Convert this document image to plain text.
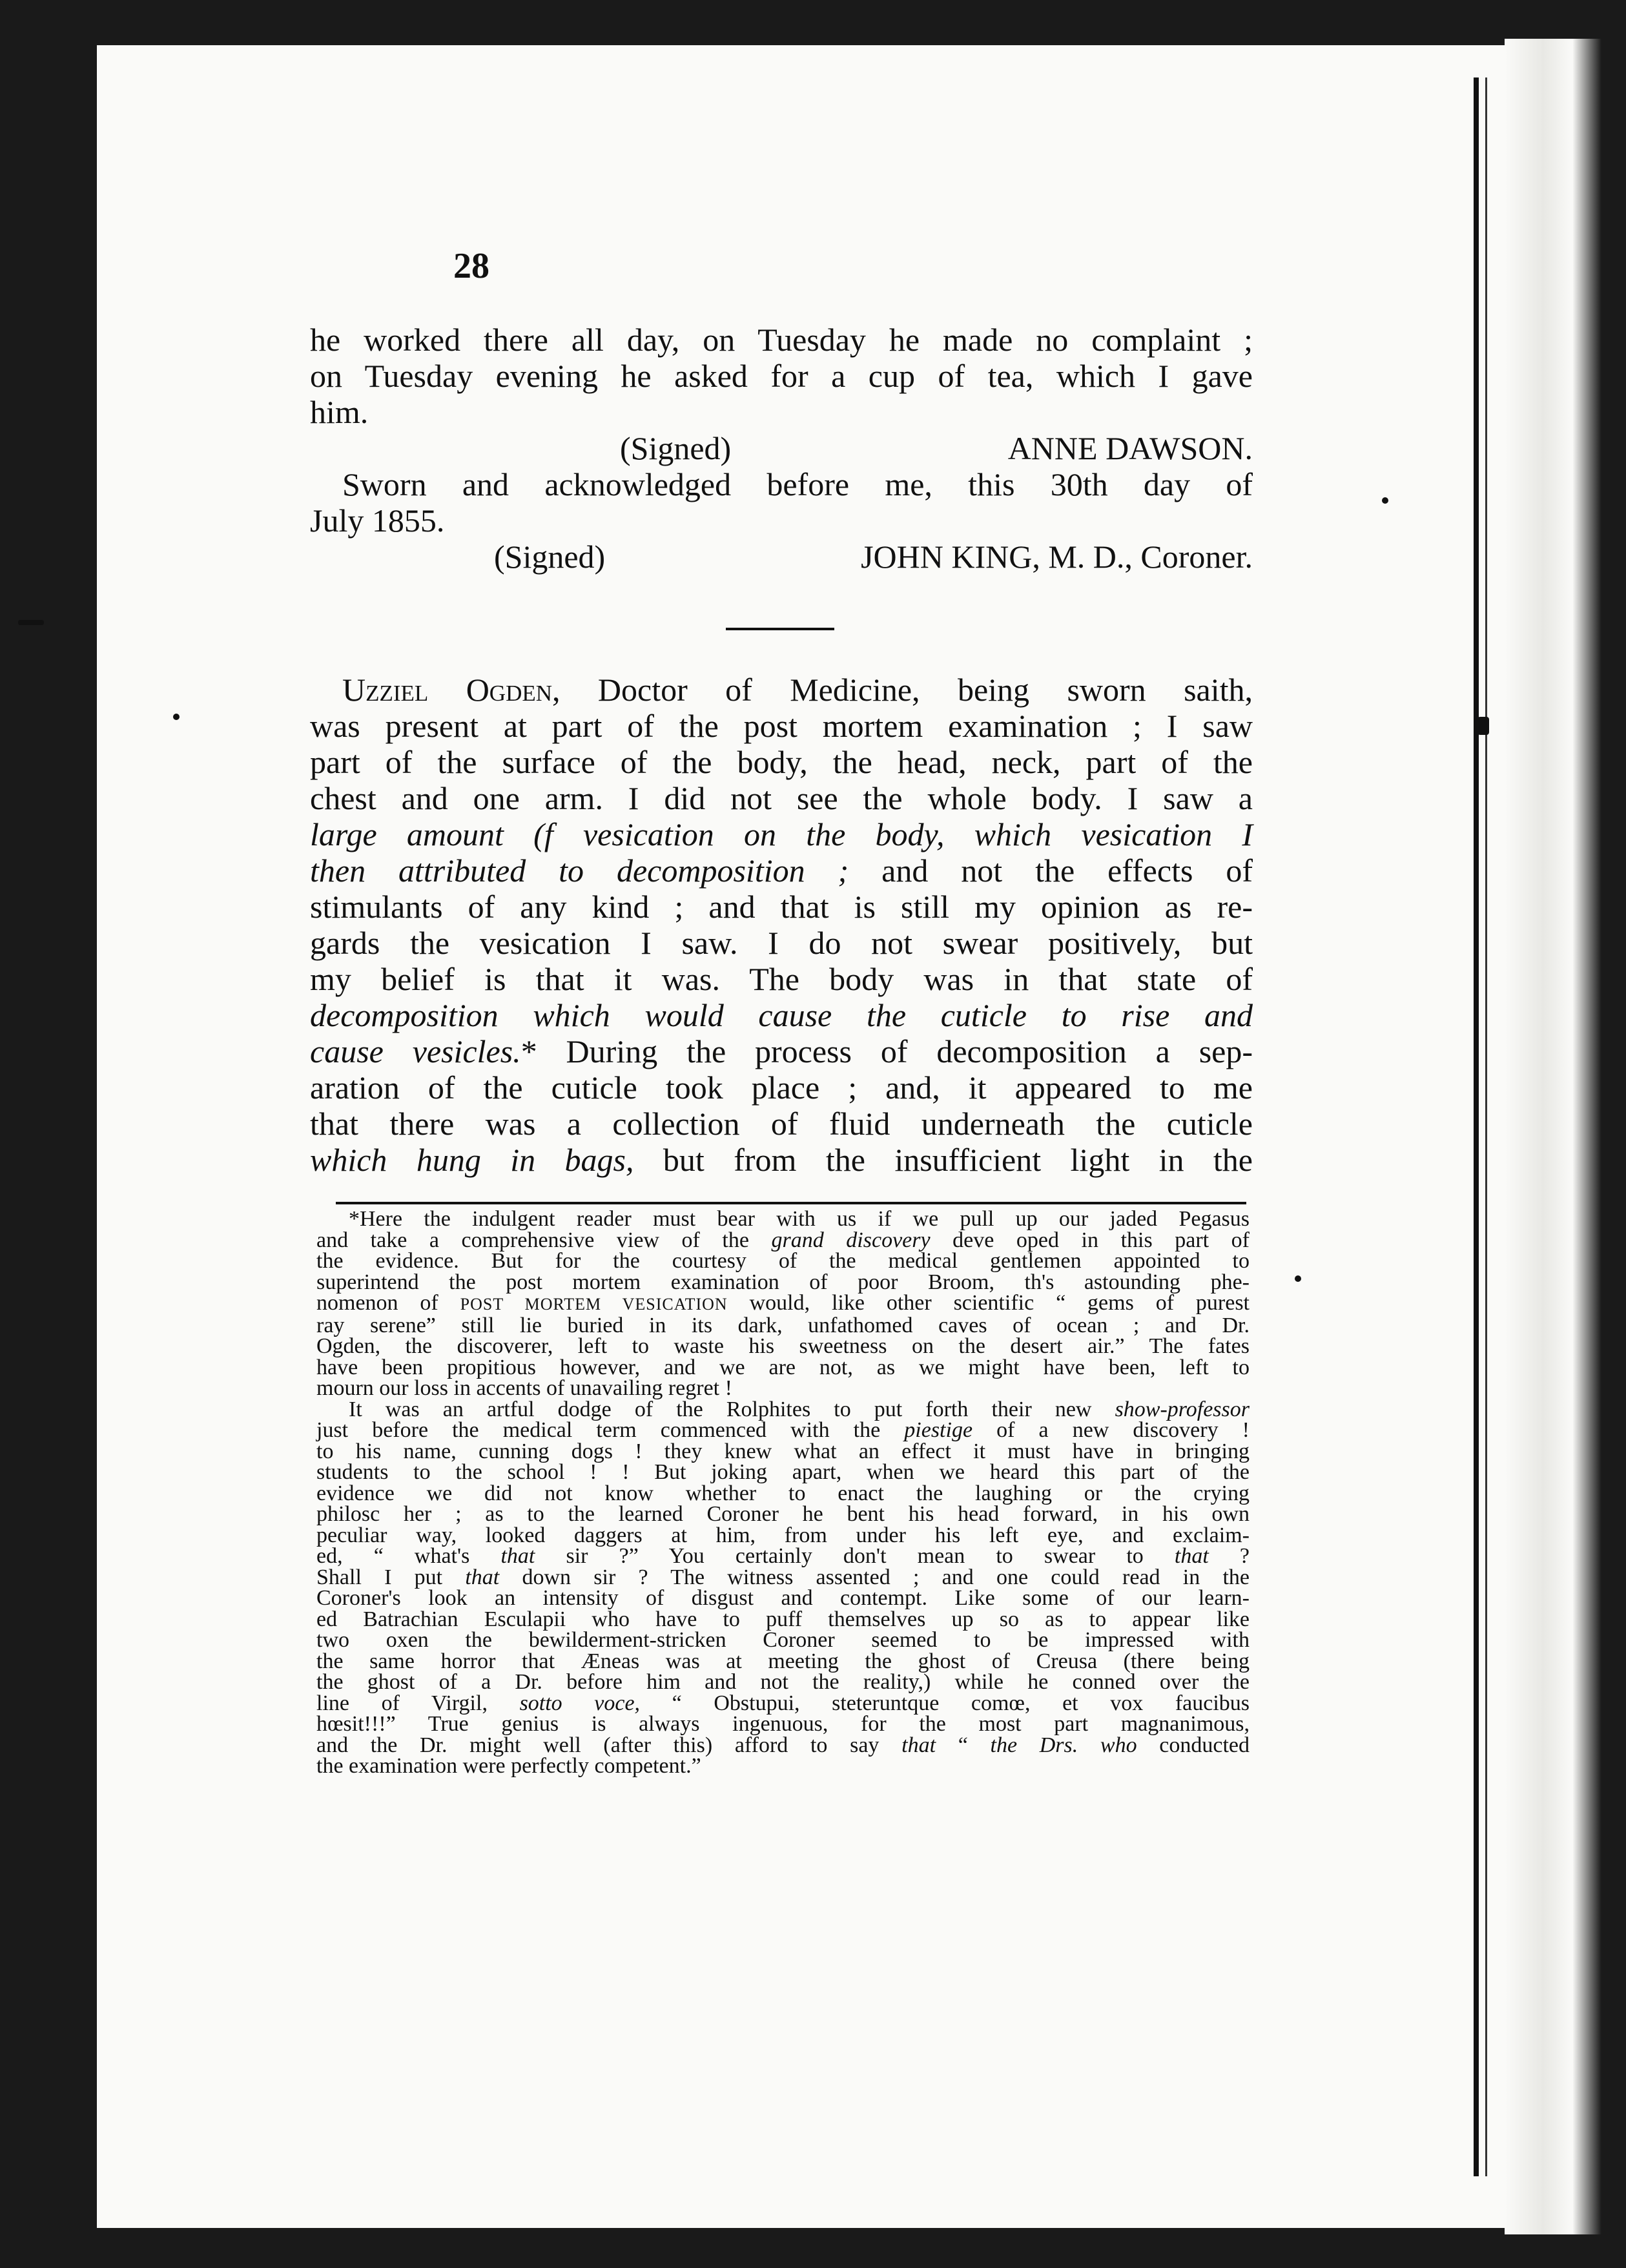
28
he worked there all day, on Tuesday he made no complaint ;
on Tuesday evening he asked for a cup of tea, which I gave
him.
(Signed)	ANNE DAWSON.
Sworn and acknowledged before me, this 30th day of
July 1855.
(Signed)	JOHN KING, M. D., Coroner.
Uzziel Ogden, Doctor of Medicine, being sworn saith,
was present at part of the post mortem examination ; I saw
part of the surface of the body, the head, neck, part of the
chest and one arm. I did not see the whole body. I saw a
large amount (f vesication on the body, which vesication I
then attributed to decomposition ; and not the effects of
stimulants of any kind ; and that is still my opinion as re-
gards the vesication I saw. I do not swear positively, but
my belief is that it was. The body was in that state of
decomposition which would cause the cuticle to rise and
cause vesicles.* During the process of decomposition a sep-
aration of the cuticle took place ; and, it appeared to me
that there was a collection of fluid underneath the cuticle
which hung in bags, but from the insufficient light in the
*Here the indulgent reader must bear with us if we pull up our jaded Pegasus
and take a comprehensive view of the grand discovery deve oped in this part of
the evidence. But for the courtesy of the medical gentlemen appointed to
superintend the post mortem examination of poor Broom, th's astounding phe-
nomenon of POST MORTEM VESICATION would, like other scientific “ gems of purest
ray serene” still lie buried in its dark, unfathomed caves of ocean ; and Dr.
Ogden, the discoverer, left to waste his sweetness on the desert air.” The fates
have been propitious however, and we are not, as we might have been, left to
mourn our loss in accents of unavailing regret !
It was an artful dodge of the Rolphites to put forth their new show-professor
just before the medical term commenced with the piestige of a new discovery !
to his name, cunning dogs ! they knew what an effect it must have in bringing
students to the school ! ! But joking apart, when we heard this part of the
evidence we did not know whether to enact the laughing or the crying
philosc her ; as to the learned Coroner he bent his head forward, in his own
peculiar way, looked daggers at him, from under his left eye, and exclaim-
ed, “ what's that sir ?” You certainly don't mean to swear to that ?
Shall I put that down sir ? The witness assented ; and one could read in the
Coroner's look an intensity of disgust and contempt. Like some of our learn-
ed Batrachian Esculapii who have to puff themselves up so as to appear like
two oxen the bewilderment-stricken Coroner seemed to be impressed with
the same horror that Æneas was at meeting the ghost of Creusa (there being
the ghost of a Dr. before him and not the reality,) while he conned over the
line of Virgil, sotto voce, “ Obstupui, steteruntque comœ, et vox faucibus
hœsit!!!” True genius is always ingenuous, for the most part magnanimous,
and the Dr. might well (after this) afford to say that “ the Drs. who conducted
the examination were perfectly competent.”
